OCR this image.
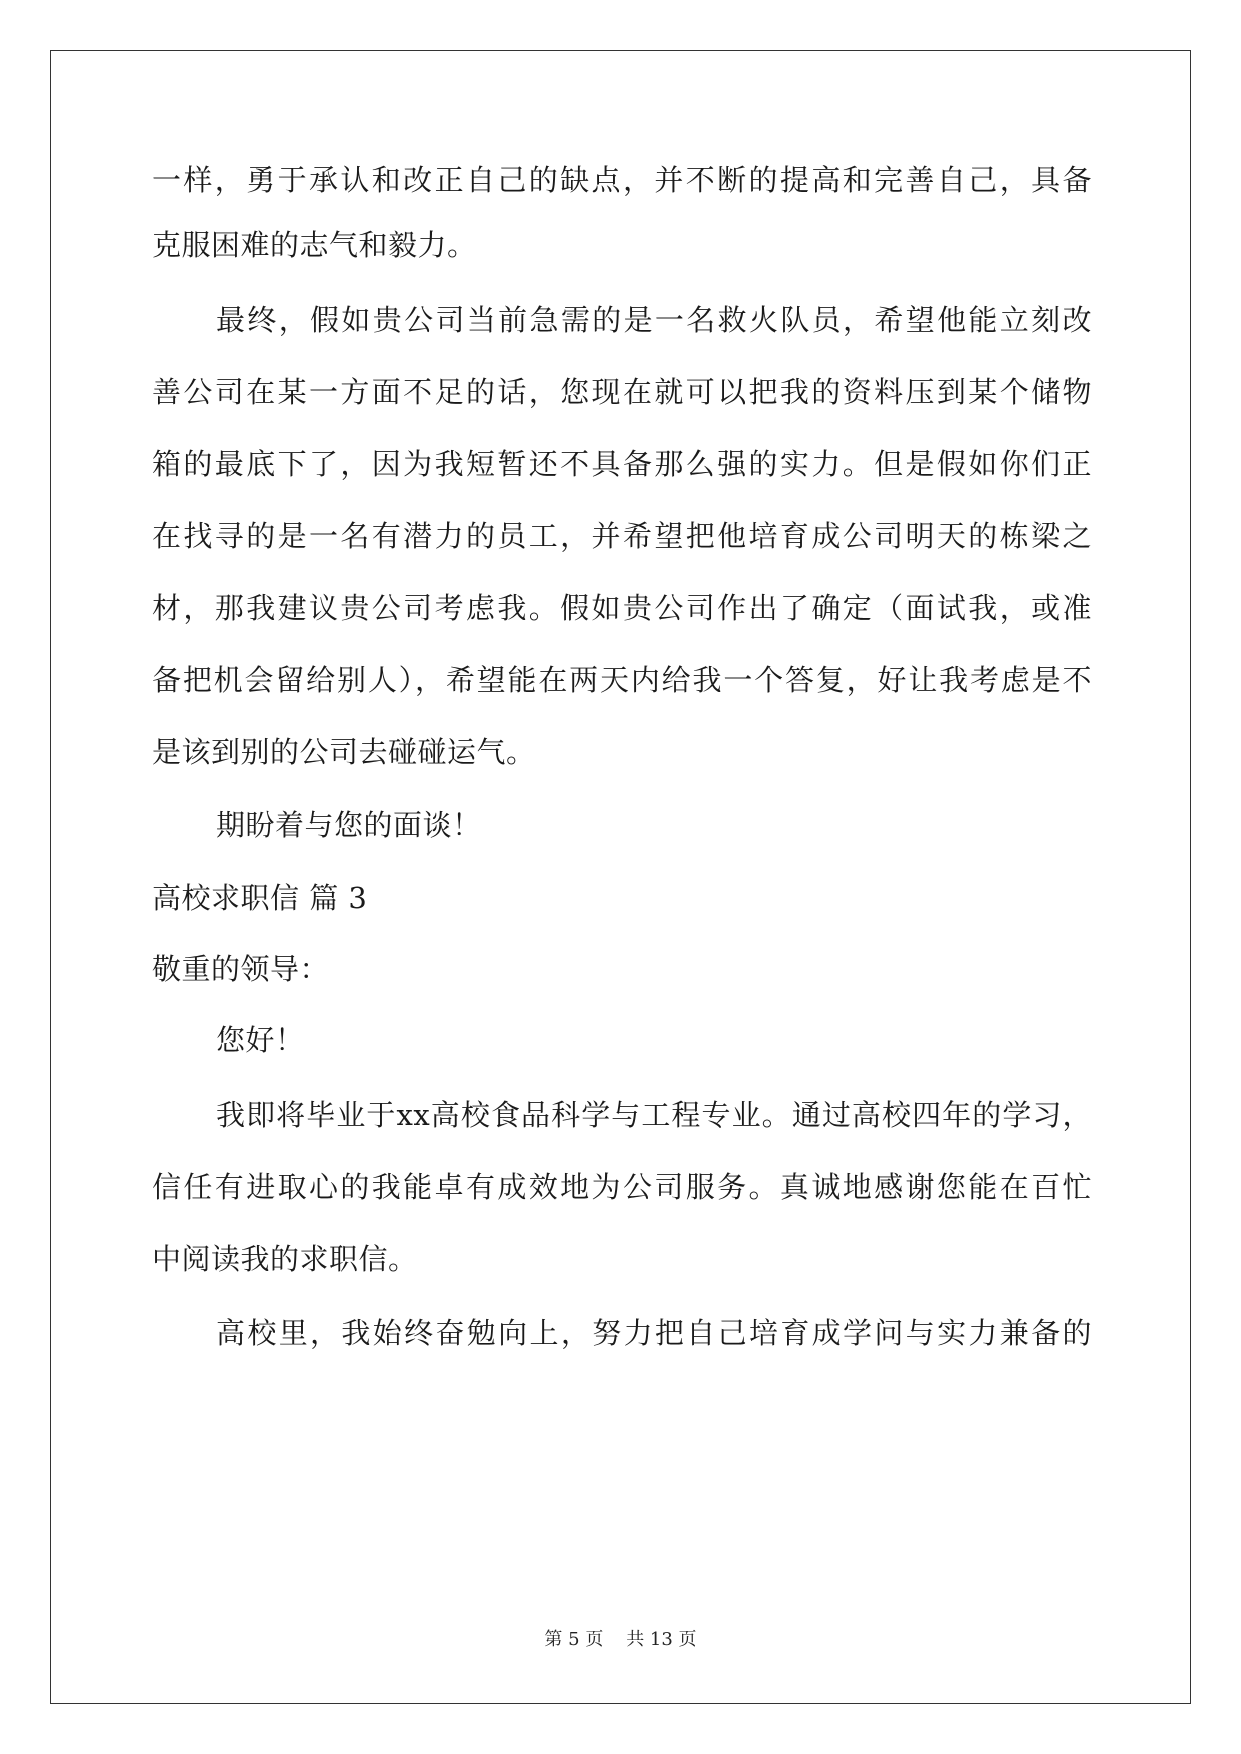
一样，勇于承认和改正自己的缺点，并不断的提高和完善自己，具备
克服困难的志气和毅力。
最终，假如贵公司当前急需的是一名救火队员，希望他能立刻改
善公司在某一方面不足的话，您现在就可以把我的资料压到某个储物
箱的最底下了，因为我短暂还不具备那么强的实力。但是假如你们正
在找寻的是一名有潜力的员工，并希望把他培育成公司明天的栋梁之
材，那我建议贵公司考虑我。假如贵公司作出了确定（面试我，或准
备把机会留给别人），希望能在两天内给我一个答复，好让我考虑是不
是该到别的公司去碰碰运气。
期盼着与您的面谈！
高校求职信 篇 3
敬重的领导：
您好！
我即将毕业于xx高校食品科学与工程专业。通过高校四年的学习，
信任有进取心的我能卓有成效地为公司服务。真诚地感谢您能在百忙
中阅读我的求职信。
高校里，我始终奋勉向上，努力把自己培育成学问与实力兼备的
第 5 页    共 13 页
